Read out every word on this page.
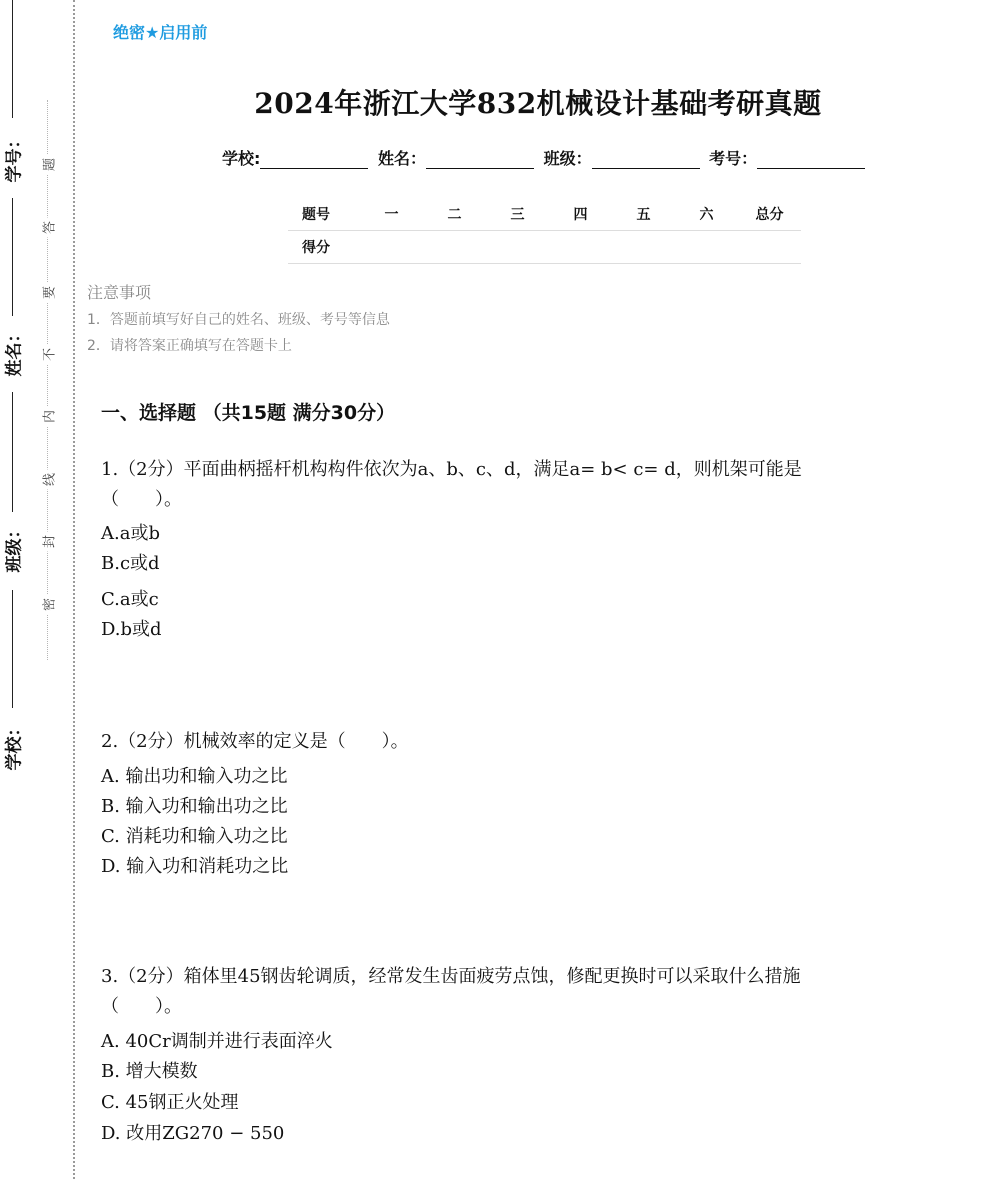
学号：
姓名：
班级：
学校：
题
答
要
不
内
线
封
密
绝密★启用前
2024年浙江大学832机械设计基础考研真题
学校:	姓名：	班级：	考号：
题号	一	二	三	四	五	六	总分
得分							
注意事项
1．答题前填写好自己的姓名、班级、考号等信息
2．请将答案正确填写在答题卡上
一、选择题 （共15题 满分30分）
1.（2分）平面曲柄摇杆机构构件依次为a、b、c、d，满足a= b< c= d，则机架可能是
（　　）。
A.a或b
B.c或d
C.a或c
D.b或d
2.（2分）机械效率的定义是（　　）。
A. 输出功和输入功之比
B. 输入功和输出功之比
C. 消耗功和输入功之比
D. 输入功和消耗功之比
3.（2分）箱体里45钢齿轮调质，经常发生齿面疲劳点蚀，修配更换时可以采取什么措施
（　　）。
A. 40Cr调制并进行表面淬火
B. 增大模数
C. 45钢正火处理
D. 改用ZG270 − 550
